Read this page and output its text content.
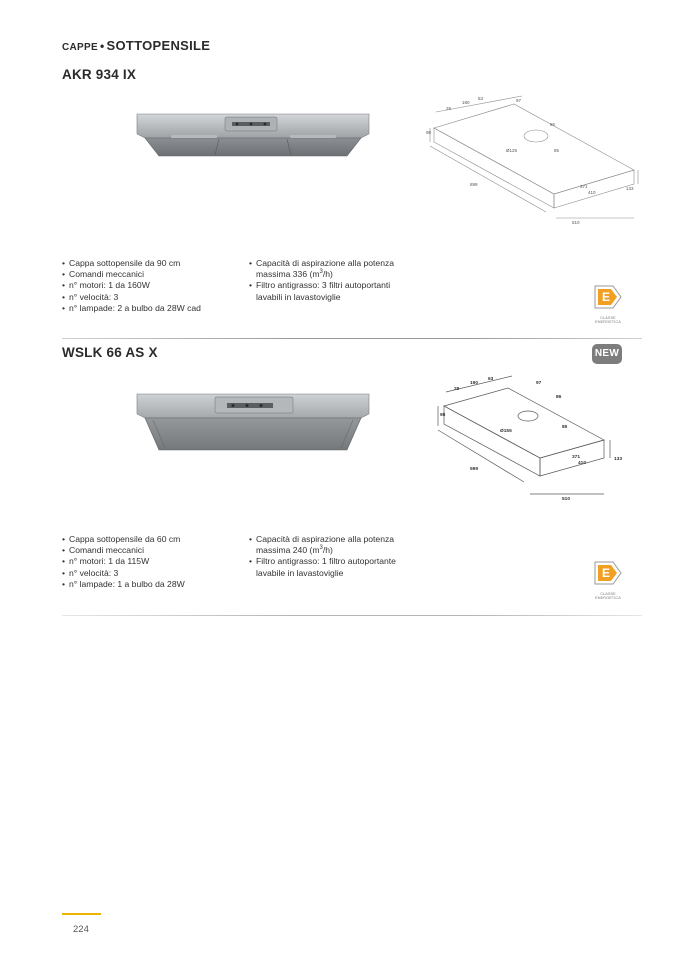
CAPPE • SOTTOPENSILE
AKR 934 IX
29
180
53	97
86
85
Ø125
98
899	371
410
510
133
• Cappa sottopensile da 90 cm
• Comandi meccanici
• n° motori: 1 da 160W
• n° velocità: 3
• n° lampade: 2 a bulbo da 28W cad
• Capacità di aspirazione alla potenza
massima 336 $(m^3/h)$
• Filtro antigrasso: 3 filtri autoportanti
lavabili in lavastoviglie	E
CLASSE
ENERGETICA
WSLK 66 AS X	NEW
29
190
63
97
86
85
Ø155
98
599
371
410
510
133
• Cappa sottopensile da 60 cm
• Comandi meccanici
• n° motori: 1 da 115W
• n° velocità: 3
• n° lampade: 1 a bulbo da 28W
• Capacità di aspirazione alla potenza
massima 240 $(m^3/h)$
• Filtro antigrasso: 1 filtro autoportante
lavabile in lavastoviglie	E
CLASSE
ENERGETICA
224
